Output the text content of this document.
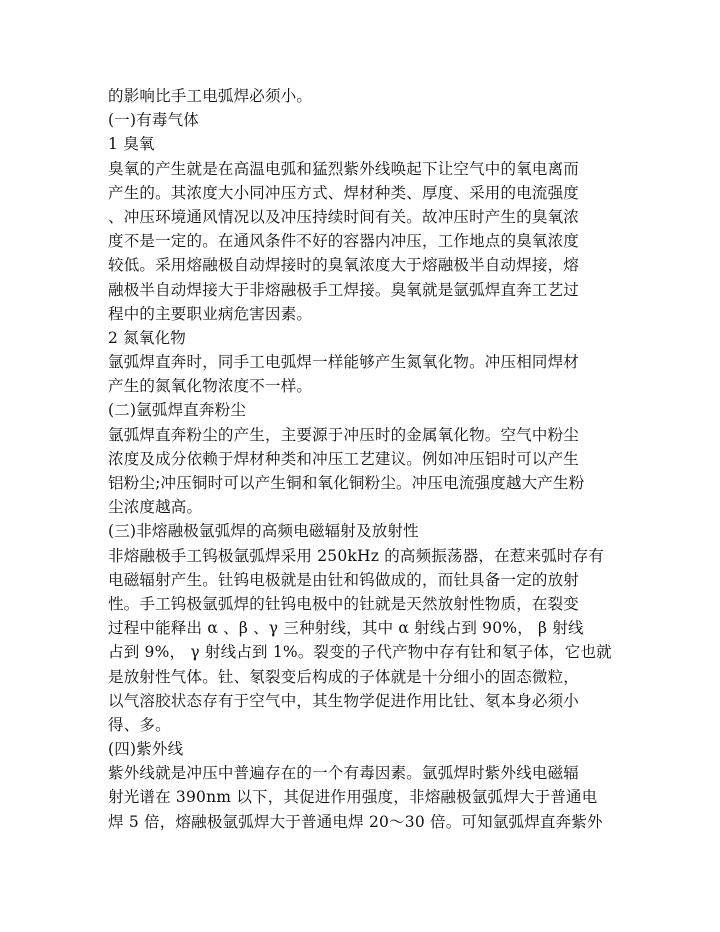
的影响比手工电弧焊必须小。
(一)有毒气体
1 臭氧
臭氧的产生就是在高温电弧和猛烈紫外线唤起下让空气中的氧电离而
产生的。其浓度大小同冲压方式、焊材种类、厚度、采用的电流强度
、冲压环境通风情况以及冲压持续时间有关。故冲压时产生的臭氧浓
度不是一定的。在通风条件不好的容器内冲压，工作地点的臭氧浓度
较低。采用熔融极自动焊接时的臭氧浓度大于熔融极半自动焊接，熔
融极半自动焊接大于非熔融极手工焊接。臭氧就是氩弧焊直奔工艺过
程中的主要职业病危害因素。
2 氮氧化物
氩弧焊直奔时，同手工电弧焊一样能够产生氮氧化物。冲压相同焊材
产生的氮氧化物浓度不一样。
(二)氩弧焊直奔粉尘
氩弧焊直奔粉尘的产生，主要源于冲压时的金属氧化物。空气中粉尘
浓度及成分依赖于焊材种类和冲压工艺建议。例如冲压铝时可以产生
铝粉尘;冲压铜时可以产生铜和氧化铜粉尘。冲压电流强度越大产生粉
尘浓度越高。
(三)非熔融极氩弧焊的高频电磁辐射及放射性
非熔融极手工钨极氩弧焊采用 250kHz 的高频振荡器，在惹来弧时存有
电磁辐射产生。钍钨电极就是由钍和钨做成的，而钍具备一定的放射
性。手工钨极氩弧焊的钍钨电极中的钍就是天然放射性物质，在裂变
过程中能释出 α 、β 、γ 三种射线，其中 α 射线占到 90%， β 射线
占到 9%， γ 射线占到 1%。裂变的子代产物中存有钍和氡子体，它也就
是放射性气体。钍、氡裂变后构成的子体就是十分细小的固态微粒，
以气溶胶状态存有于空气中，其生物学促进作用比钍、氡本身必须小
得、多。
(四)紫外线
紫外线就是冲压中普遍存在的一个有毒因素。氩弧焊时紫外线电磁辐
射光谱在 390nm 以下，其促进作用强度，非熔融极氩弧焊大于普通电
焊 5 倍，熔融极氩弧焊大于普通电焊 20～30 倍。可知氩弧焊直奔紫外
